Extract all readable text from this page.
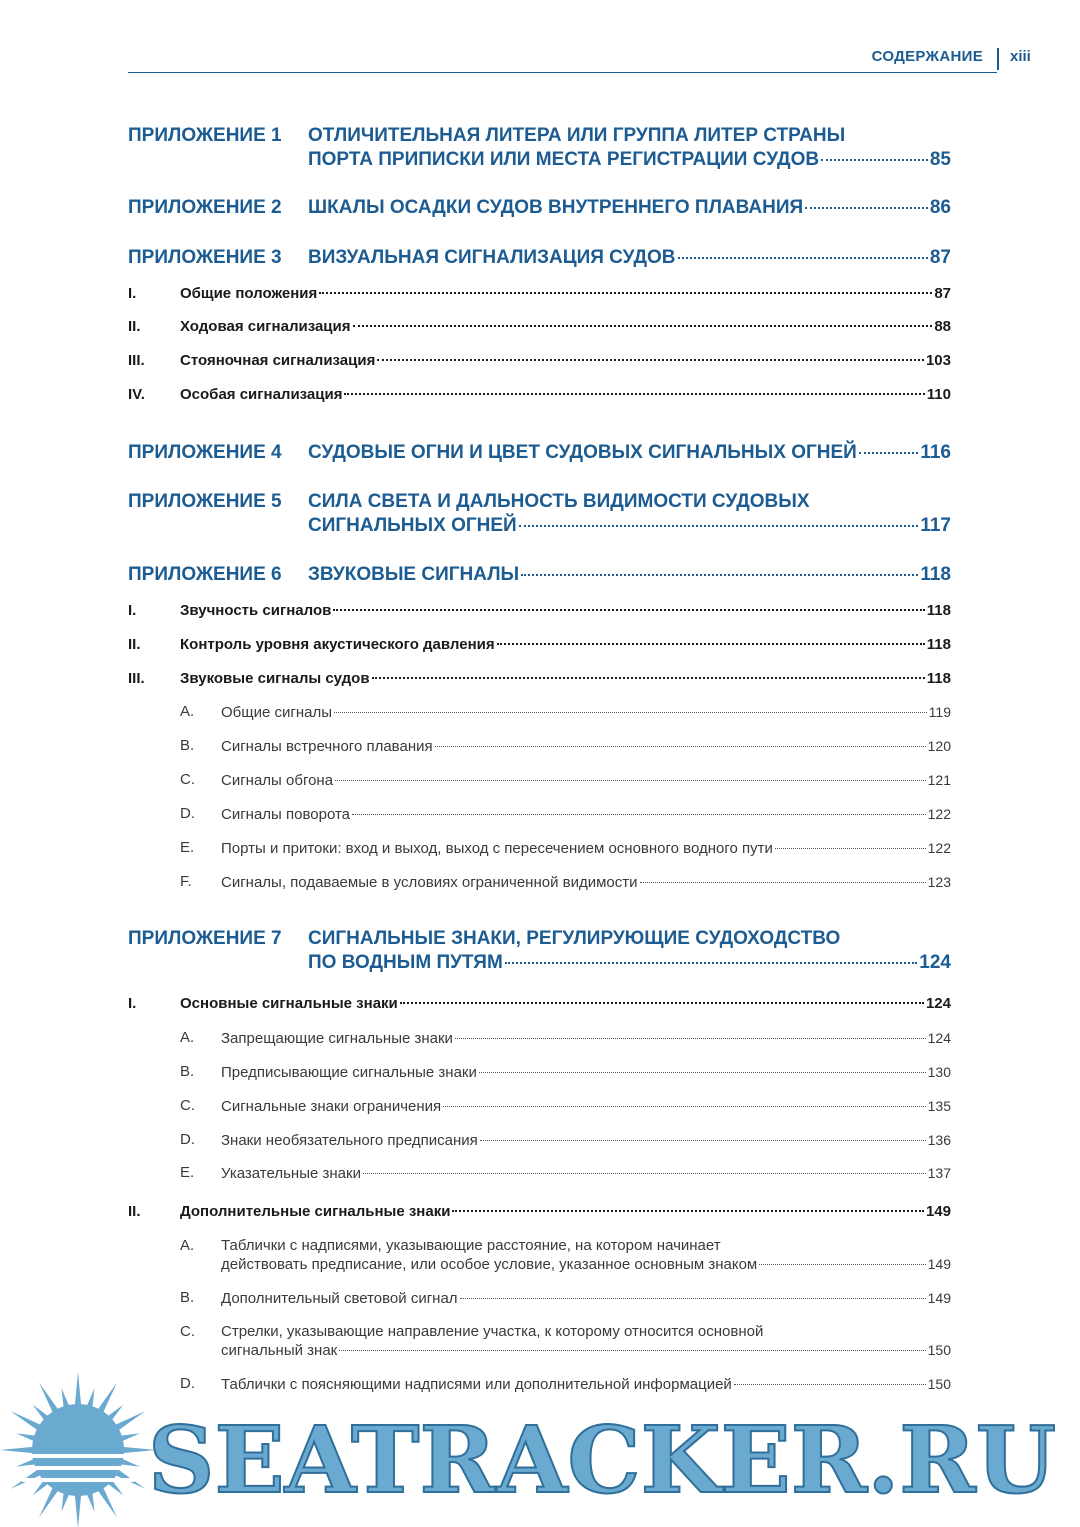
СОДЕРЖАНИЕ xiii
ПРИЛОЖЕНИЕ 1 ОТЛИЧИТЕЛЬНАЯ ЛИТЕРА ИЛИ ГРУППА ЛИТЕР СТРАНЫ
ПОРТА ПРИПИСКИ ИЛИ МЕСТА РЕГИСТРАЦИИ СУДОВ	85
ПРИЛОЖЕНИЕ 2 ШКАЛЫ ОСАДКИ СУДОВ ВНУТРЕННЕГО ПЛАВАНИЯ	86
ПРИЛОЖЕНИЕ 3 ВИЗУАЛЬНАЯ СИГНАЛИЗАЦИЯ СУДОВ	87
I.	Общие положения	87
II.	Ходовая сигнализация	88
III. Стояночная сигнализация	103
IV. Особая сигнализация	110
ПРИЛОЖЕНИЕ 4 СУДОВЫЕ ОГНИ И ЦВЕТ СУДОВЫХ СИГНАЛЬНЫХ ОГНЕЙ	116
ПРИЛОЖЕНИЕ 5 СИЛА СВЕТА И ДАЛЬНОСТЬ ВИДИМОСТИ СУДОВЫХ
СИГНАЛЬНЫХ ОГНЕЙ	117
ПРИЛОЖЕНИЕ 6 ЗВУКОВЫЕ СИГНАЛЫ	118
I.	Звучность сигналов	118
II.	Контроль уровня акустического давления	118
III. Звуковые сигналы судов	118
A. Общие сигналы	119
B. Сигналы встречного плавания	120
C. Сигналы обгона	121
D. Сигналы поворота	122
E. Порты и притоки: вход и выход, выход с пересечением основного водного пути	122
F. Сигналы, подаваемые в условиях ограниченной видимости	123
ПРИЛОЖЕНИЕ 7 СИГНАЛЬНЫЕ ЗНАКИ, РЕГУЛИРУЮЩИЕ СУДОХОДСТВО
ПО ВОДНЫМ ПУТЯМ	124
I.	Основные сигнальные знаки	124
A. Запрещающие сигнальные знаки	124
B. Предписывающие сигнальные знаки	130
C. Сигнальные знаки ограничения	135
D. Знаки необязательного предписания	136
E. Указательные знаки	137
II.	Дополнительные сигнальные знаки	149
A. Таблички с надписями, указывающие расстояние, на котором начинает
действовать предписание, или особое условие, указанное основным знаком	149
B. Дополнительный световой сигнал	149
C. Стрелки, указывающие направление участка, к которому относится основной
сигнальный знак	150
D. Таблички с поясняющими надписями или дополнительной информацией	150
SEATRACKER.RU
